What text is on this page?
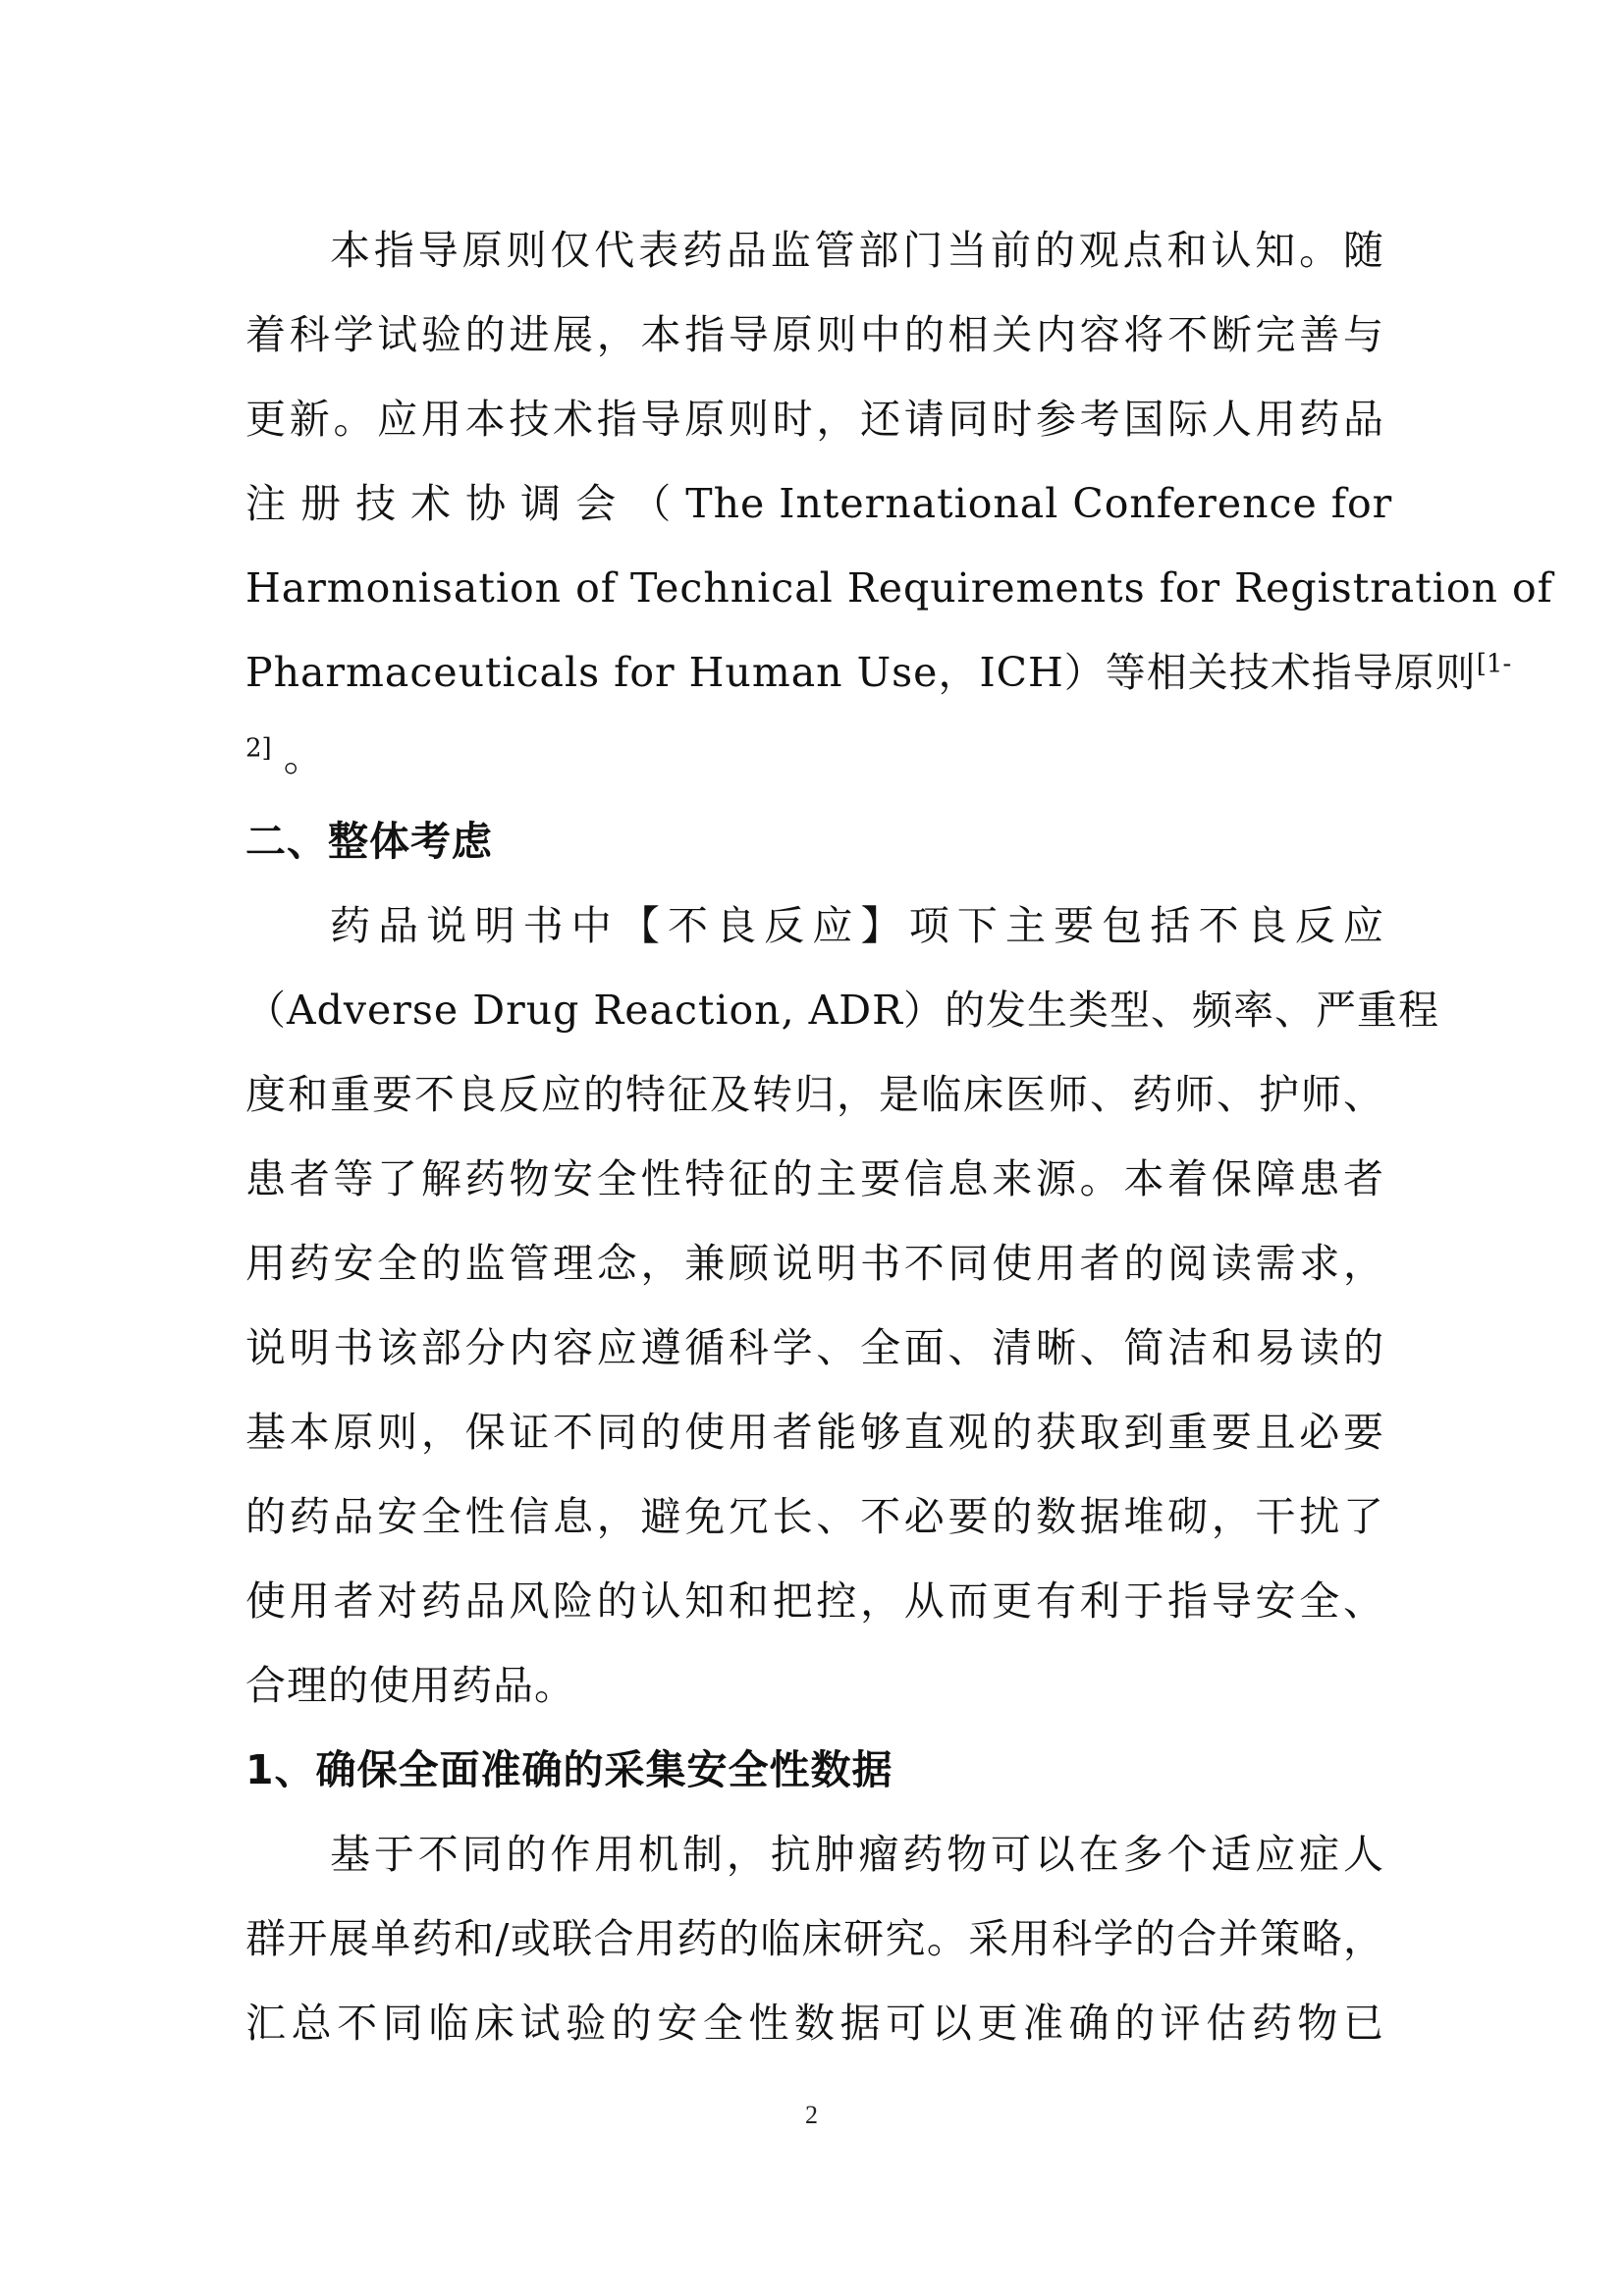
本指导原则仅代表药品监管部门当前的观点和认知。随
着科学试验的进展，本指导原则中的相关内容将不断完善与
更新。应用本技术指导原则时，还请同时参考国际人用药品
注 册 技 术 协 调 会 （ The International Conference for
Harmonisation of Technical Requirements for Registration of
Pharmaceuticals for Human Use，ICH）等相关技术指导原则$^{[1-}$
$^{2]}$ 。
二、整体考虑
药品说明书中【不良反应】项下主要包括不良反应
（Adverse Drug Reaction, ADR）的发生类型、频率、严重程
度和重要不良反应的特征及转归，是临床医师、药师、护师、
患者等了解药物安全性特征的主要信息来源。本着保障患者
用药安全的监管理念，兼顾说明书不同使用者的阅读需求，
说明书该部分内容应遵循科学、全面、清晰、简洁和易读的
基本原则，保证不同的使用者能够直观的获取到重要且必要
的药品安全性信息，避免冗长、不必要的数据堆砌，干扰了
使用者对药品风险的认知和把控，从而更有利于指导安全、
合理的使用药品。
1、确保全面准确的采集安全性数据
基于不同的作用机制，抗肿瘤药物可以在多个适应症人
群开展单药和/或联合用药的临床研究。采用科学的合并策略，
汇总不同临床试验的安全性数据可以更准确的评估药物已
2
